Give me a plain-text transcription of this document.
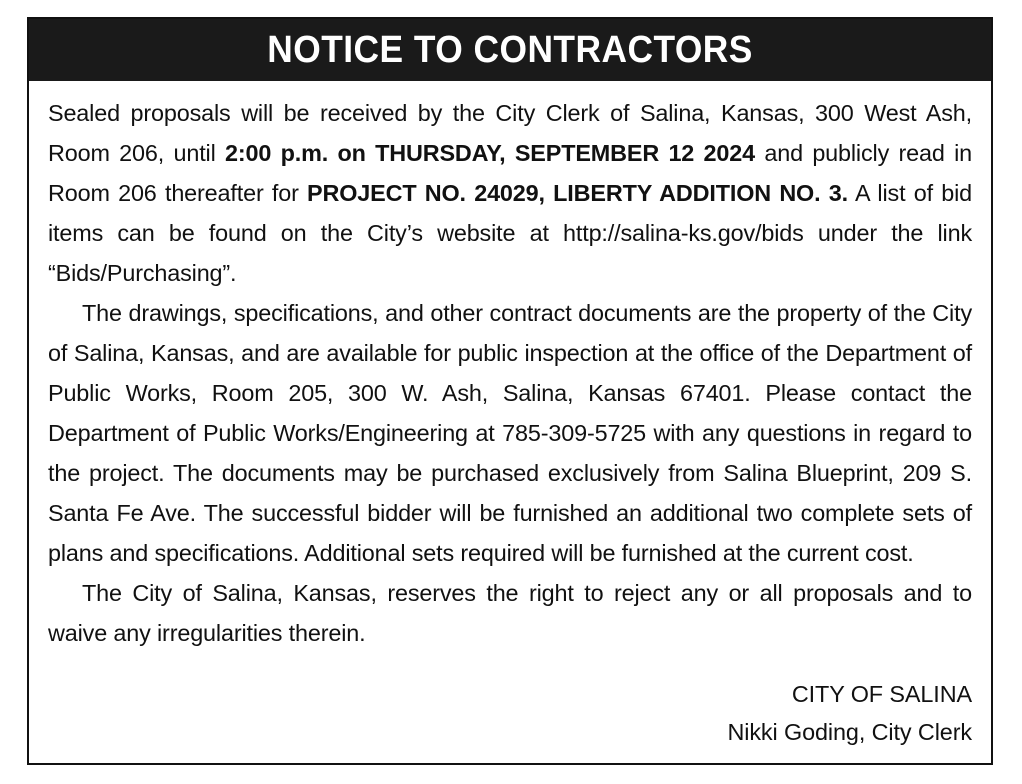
NOTICE TO CONTRACTORS

Sealed proposals will be received by the City Clerk of Salina, Kansas, 300 West Ash, Room 206, until 2:00 p.m. on THURSDAY, SEPTEMBER 12 2024 and publicly read in Room 206 thereafter for PROJECT NO. 24029, LIBERTY ADDITION NO. 3. A list of bid items can be found on the City’s website at http://salina-ks.gov/bids under the link “Bids/Purchasing”.

The drawings, specifications, and other contract documents are the property of the City of Salina, Kansas, and are available for public inspection at the office of the Department of Public Works, Room 205, 300 W. Ash, Salina, Kansas 67401. Please contact the Department of Public Works/Engineering at 785-309-5725 with any questions in regard to the project. The documents may be purchased exclusively from Salina Blueprint, 209 S. Santa Fe Ave. The successful bidder will be furnished an additional two complete sets of plans and specifications. Additional sets required will be furnished at the current cost.

The City of Salina, Kansas, reserves the right to reject any or all proposals and to waive any irregularities therein.

CITY OF SALINA
Nikki Goding, City Clerk
